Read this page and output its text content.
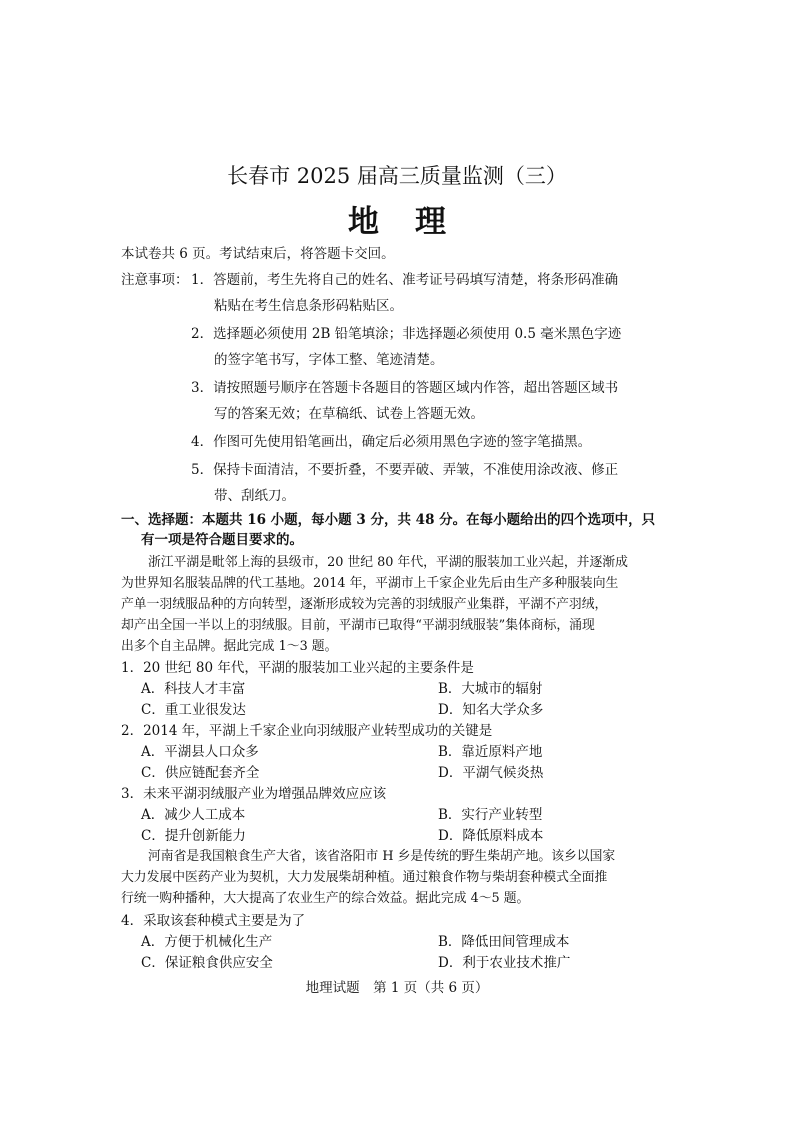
长春市 2025 届高三质量监测（三）
地理
本试卷共 6 页。考试结束后，将答题卡交回。
注意事项： 1．答题前，考生先将自己的姓名、准考证号码填写清楚，将条形码准确
粘贴在考生信息条形码粘贴区。
2．选择题必须使用 2B 铅笔填涂；非选择题必须使用 0.5 毫米黑色字迹
的签字笔书写，字体工整、笔迹清楚。
3．请按照题号顺序在答题卡各题目的答题区域内作答，超出答题区域书
写的答案无效；在草稿纸、试卷上答题无效。
4．作图可先使用铅笔画出，确定后必须用黑色字迹的签字笔描黑。
5．保持卡面清洁，不要折叠，不要弄破、弄皱，不准使用涂改液、修正
带、刮纸刀。
一、选择题：本题共 16 小题，每小题 3 分，共 48 分。在每小题给出的四个选项中，只
有一项是符合题目要求的。
浙江平湖是毗邻上海的县级市，20 世纪 80 年代，平湖的服装加工业兴起，并逐渐成
为世界知名服装品牌的代工基地。2014 年，平湖市上千家企业先后由生产多种服装向生
产单一羽绒服品种的方向转型，逐渐形成较为完善的羽绒服产业集群，平湖不产羽绒，
却产出全国一半以上的羽绒服。目前，平湖市已取得“平湖羽绒服装”集体商标，涌现
出多个自主品牌。据此完成 1～3 题。
1．20 世纪 80 年代，平湖的服装加工业兴起的主要条件是
A．科技人才丰富	B．大城市的辐射
C．重工业很发达	D．知名大学众多
2．2014 年，平湖上千家企业向羽绒服产业转型成功的关键是
A．平湖县人口众多	B．靠近原料产地
C．供应链配套齐全	D．平湖气候炎热
3．未来平湖羽绒服产业为增强品牌效应应该
A．减少人工成本	B．实行产业转型
C．提升创新能力	D．降低原料成本
河南省是我国粮食生产大省，该省洛阳市 H 乡是传统的野生柴胡产地。该乡以国家
大力发展中医药产业为契机，大力发展柴胡种植。通过粮食作物与柴胡套种模式全面推
行统一购种播种，大大提高了农业生产的综合效益。据此完成 4～5 题。
4．采取该套种模式主要是为了
A．方便于机械化生产	B．降低田间管理成本
C．保证粮食供应安全	D．利于农业技术推广
地理试题　第 1 页（共 6 页）
